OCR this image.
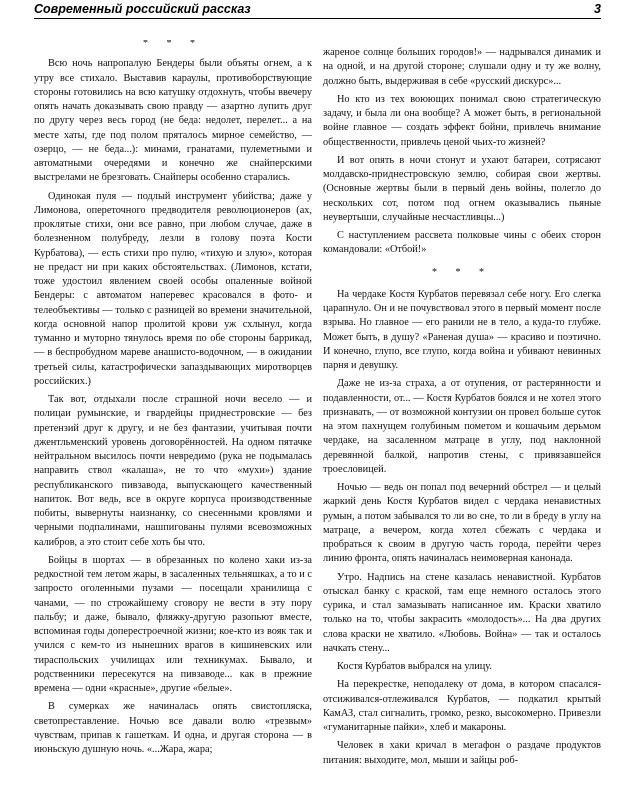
Современный российский рассказ	3
* * *

Всю ночь напропалую Бендеры были объяты огнем, а к утру все стихало. Выставив караулы, противоборствующие стороны готовились на всю катушку отдохнуть, чтобы ввечеру опять начать доказывать свою правду — азартно лупить друг по другу через весь город (не беда: недолет, перелет... а на месте хаты, где под полом пряталось мирное семейство, — озерцо, — не беда...): минами, гранатами, пулеметными и автоматными очередями и конечно же снайперскими выстрелами не брезговать. Снайперы особенно старались.

Одинокая пуля — подлый инструмент убийства; даже у Лимонова, опереточного предводителя революционеров (ах, проклятые стихи, они все равно, при любом случае, даже в болезненном полубреду, лезли в голову поэта Кости Курбатова), — есть стихи про пулю, «тихую и злую», которая не предаст ни при каких обстоятельствах. (Лимонов, кстати, тоже удостоил явлением своей особы опаленные войной Бендеры: с автоматом наперевес красовался в фото- и телеобъективы — только с разницей во времени значительной, когда основной напор пролитой крови уж схлынул, когда туманно и муторно тянулось время по обе стороны баррикад, — в беспробудном мареве анашисто-водочном, — в ожидании третьей силы, катастрофически запаздывающих миротворцев российских.)

Так вот, отдыхали после страшной ночи весело — и полицаи румынские, и гвардейцы приднестровские — без претензий друг к другу, и не без фантазии, учитывая почти джентльменский уровень договорённостей. На одном пятачке нейтральном высилось почти невредимо (рука не подымалась направить ствол «калаша», не то что «мухи») здание республиканского пивзавода, выпускающего качественный напиток. Вот ведь, все в округе корпуса производственные побиты, вывернуты наизнанку, со снесенными кровлями и черными подпалинами, нашпигованы пулями всевозможных калибров, а это стоит себе хоть бы что.

Бойцы в шортах — в обрезанных по колено хаки из-за редкостной тем летом жары, в засаленных тельняшках, а то и с запросто оголенными пузами — посещали хранилища с чанами, — по строжайшему сговору не вести в эту пору пальбу; и даже, бывало, фляжку-другую разопьют вместе, вспоминая годы допереcтроечной жизни; кое-кто из вояк так и учился с кем-то из нынешних врагов в кишиневских или тираспольских училищах или техникумах. Бывало, и родственники пересекутся на пивзаводе... как в прежние времена — одни «красные», другие «белые».

В сумерках же начиналась опять свистопляска, светопреставление. Ночью все давали волю «трезвым» чувствам, припав к гашеткам. И одна, и другая сторона — в июньскую душную ночь. «...Жара, жара;

жареное солнце больших городов!» — надрывался динамик и на одной, и на другой стороне; слушали одну и ту же волну, должно быть, выдерживая в себе «русский дискурс»...

Но кто из тех воюющих понимал свою стратегическую задачу, и была ли она вообще? А может быть, в региональной войне главное — создать эффект бойни, привлечь внимание общественности, привлечь ценой чьих-то жизней?

И вот опять в ночи стонут и ухают батареи, сотрясают молдавско-приднестровскую землю, собирая свои жертвы. (Основные жертвы были в первый день войны, полегло до нескольких сот, потом под огнем оказывались пьяные неувертыши, случайные несчастливцы...)

С наступлением рассвета полковые чины с обеих сторон командовали: «Отбой!»

* * *

На чердаке Костя Курбатов перевязал себе ногу. Его слегка царапнуло. Он и не почувствовал этого в первый момент после взрыва. Но главное — его ранили не в тело, а куда-то глубже. Может быть, в душу? «Раненая душа» — красиво и поэтично. И конечно, глупо, все глупо, когда война и убивают невинных парня и девушку.

Даже не из-за страха, а от отупения, от растерянности и подавленности, от... — Костя Курбатов боялся и не хотел этого признавать, — от возможной контузии он провел больше суток на этом пахнущем голубиным пометом и кошачьим дерьмом чердаке, на засаленном матраце в углу, под наклонной деревянной балкой, напротив стены, с привязавшейся троесловицей.

Ночью — ведь он попал под вечерний обстрел — и целый жаркий день Костя Курбатов видел с чердака ненавистных румын, а потом забывался то ли во сне, то ли в бреду в углу на матраце, а вечером, когда хотел сбежать с чердака и пробраться к своим в другую часть города, перейти через линию фронта, опять начиналась неимоверная канонада.

Утро. Надпись на стене казалась ненавистной. Курбатов отыскал банку с краской, там еще немного осталось этого сурика, и стал замазывать написанное им. Краски хватило только на то, чтобы закрасить «молодость»... На два других слова краски не хватило. «Любовь. Война» — так и осталось начкать стену...

Костя Курбатов выбрался на улицу.

На перекрестке, неподалеку от дома, в котором спасался-отсиживался-отлеживался Курбатов, — подкатил крытый КамАЗ, стал сигналить, громко, резко, высокомерно. Привезли «гуманитарные пайки», хлеб и макароны.

Человек в хаки кричал в мегафон о раздаче продуктов питания: выходите, мол, мыши и зайцы роб-
